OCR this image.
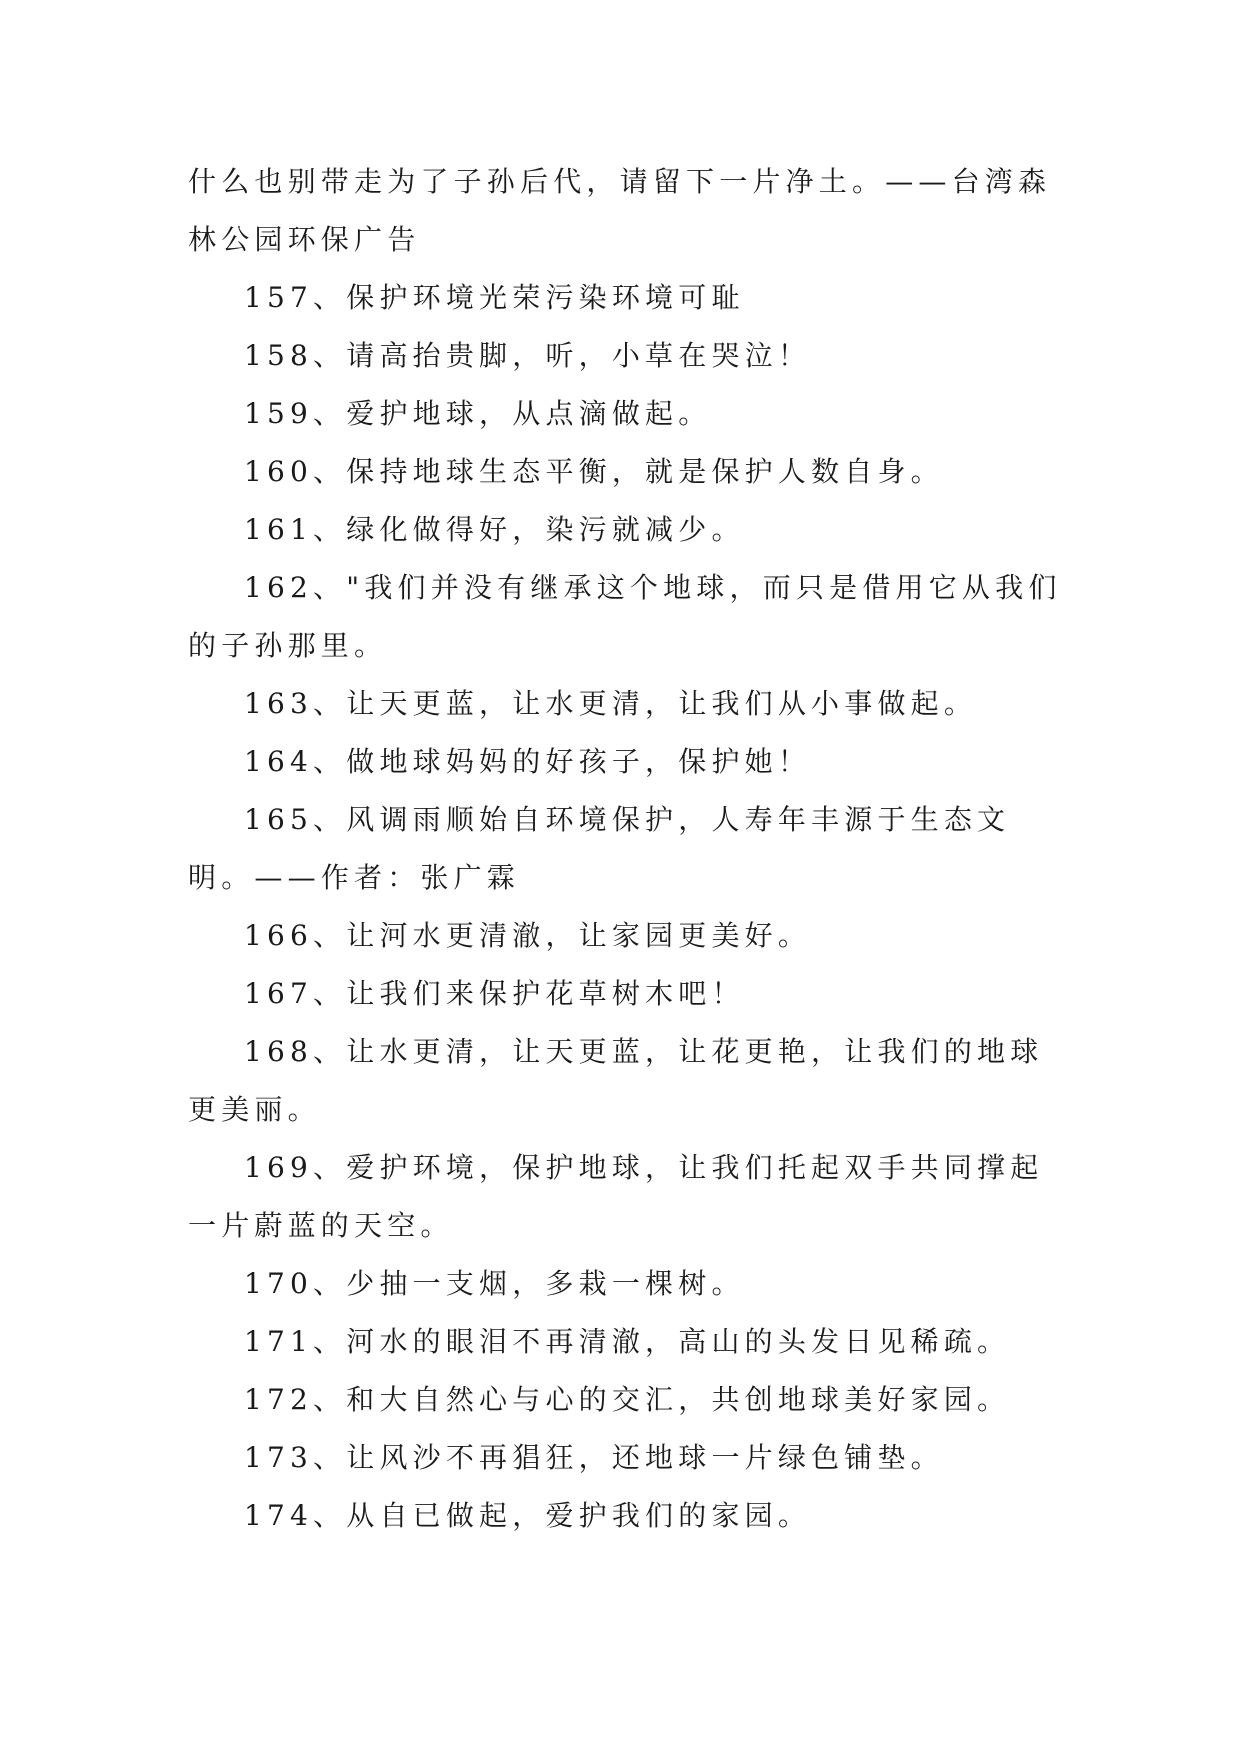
什么也别带走为了子孙后代，请留下一片净土。——台湾森林公园环保广告

157、保护环境光荣污染环境可耻

158、请高抬贵脚，听，小草在哭泣！

159、爱护地球，从点滴做起。

160、保持地球生态平衡，就是保护人数自身。

161、绿化做得好，染污就减少。

162、"我们并没有继承这个地球，而只是借用它从我们的子孙那里。

163、让天更蓝，让水更清，让我们从小事做起。

164、做地球妈妈的好孩子，保护她！

165、风调雨顺始自环境保护，人寿年丰源于生态文明。——作者：张广霖

166、让河水更清澈，让家园更美好。

167、让我们来保护花草树木吧！

168、让水更清，让天更蓝，让花更艳，让我们的地球更美丽。

169、爱护环境，保护地球，让我们托起双手共同撑起一片蔚蓝的天空。

170、少抽一支烟，多栽一棵树。

171、河水的眼泪不再清澈，高山的头发日见稀疏。

172、和大自然心与心的交汇，共创地球美好家园。

173、让风沙不再猖狂，还地球一片绿色铺垫。

174、从自已做起，爱护我们的家园。
